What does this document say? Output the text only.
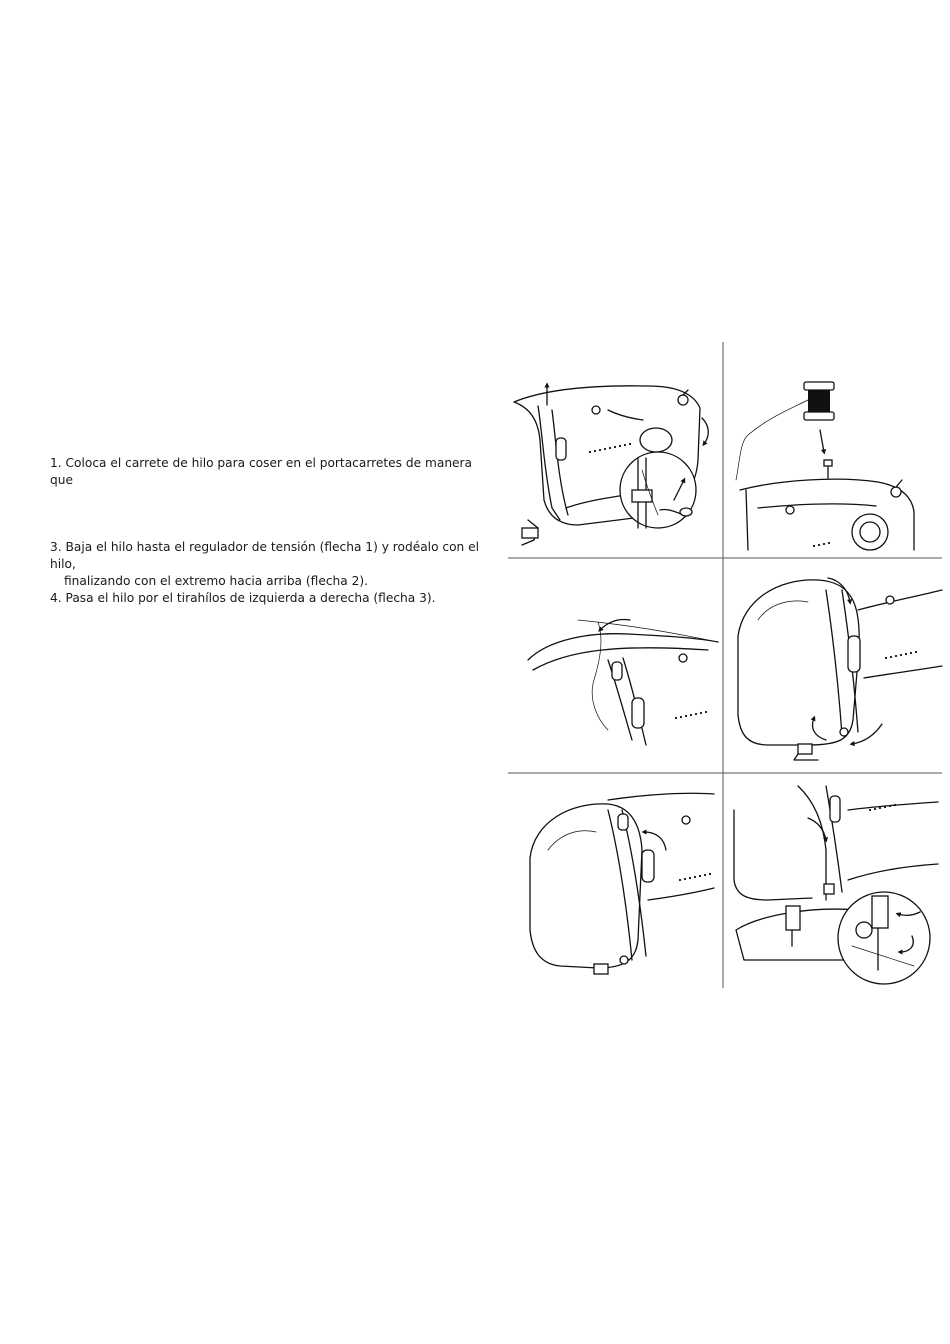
1. Coloca el carrete de hilo para coser en el portacarretes de manera que

3. Baja el hilo hasta el regulador de tensión (flecha 1) y rodéalo con el hilo,
finalizando con el extremo hacia arriba (flecha 2).

4. Pasa el hilo por el tirahílos de izquierda a derecha (flecha 3).
